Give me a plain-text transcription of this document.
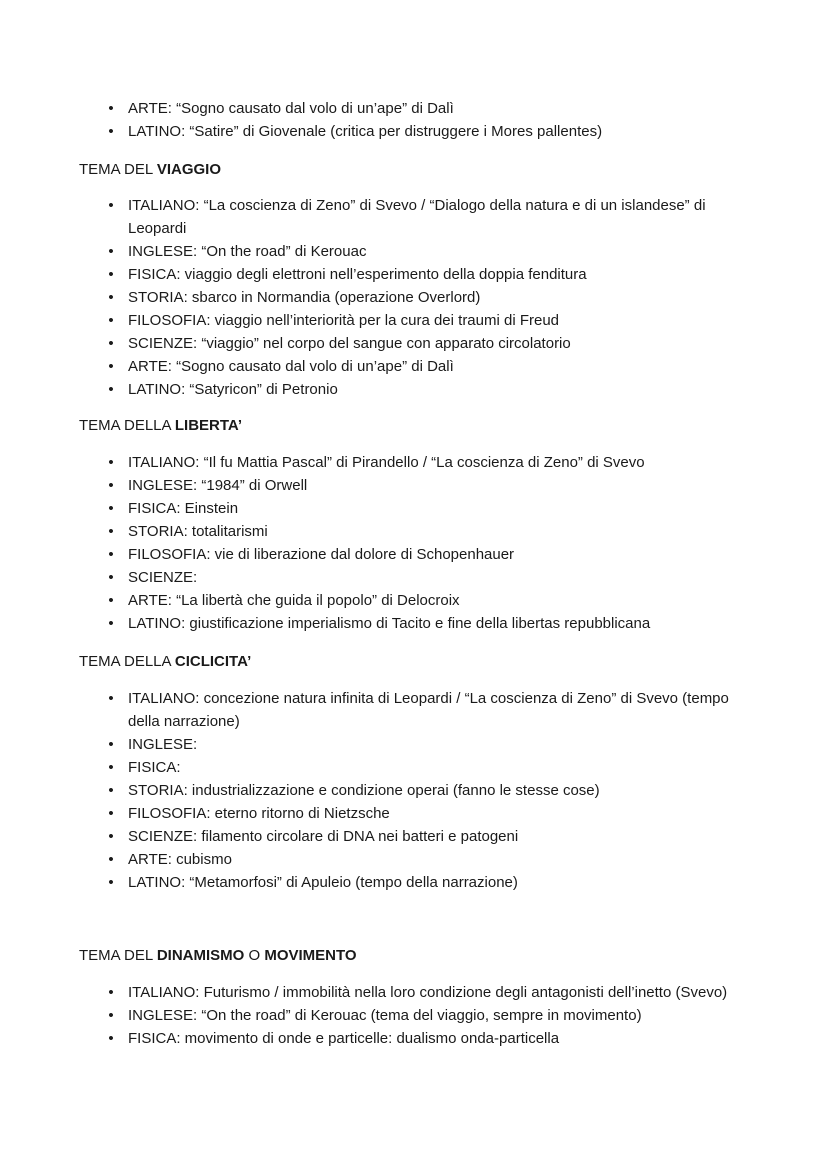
• ARTE: “Sogno causato dal volo di un’ape” di Dalì
• LATINO: “Satire” di Giovenale (critica per distruggere i Mores pallentes)
TEMA DEL VIAGGIO
• ITALIANO: “La coscienza di Zeno” di Svevo / “Dialogo della natura e di un islandese” di Leopardi
• INGLESE: “On the road” di Kerouac
• FISICA: viaggio degli elettroni nell’esperimento della doppia fenditura
• STORIA: sbarco in Normandia (operazione Overlord)
• FILOSOFIA: viaggio nell’interiorità per la cura dei traumi di Freud
• SCIENZE: “viaggio” nel corpo del sangue con apparato circolatorio
• ARTE: “Sogno causato dal volo di un’ape” di Dalì
• LATINO: “Satyricon” di Petronio
TEMA DELLA LIBERTA’
• ITALIANO: “Il fu Mattia Pascal” di Pirandello / “La coscienza di Zeno” di Svevo
• INGLESE: “1984” di Orwell
• FISICA: Einstein
• STORIA: totalitarismi
• FILOSOFIA: vie di liberazione dal dolore di Schopenhauer
• SCIENZE:
• ARTE: “La libertà che guida il popolo” di Delocroix
• LATINO: giustificazione imperialismo di Tacito e fine della libertas repubblicana
TEMA DELLA CICLICITA’
• ITALIANO: concezione natura infinita di Leopardi / “La coscienza di Zeno” di Svevo (tempo della narrazione)
• INGLESE:
• FISICA:
• STORIA: industrializzazione e condizione operai (fanno le stesse cose)
• FILOSOFIA: eterno ritorno di Nietzsche
• SCIENZE: filamento circolare di DNA nei batteri e patogeni
• ARTE: cubismo
• LATINO: “Metamorfosi” di Apuleio (tempo della narrazione)
TEMA DEL DINAMISMO O MOVIMENTO
• ITALIANO: Futurismo / immobilità nella loro condizione degli antagonisti dell’inetto (Svevo)
• INGLESE: “On the road” di Kerouac (tema del viaggio, sempre in movimento)
• FISICA: movimento di onde e particelle: dualismo onda-particella
